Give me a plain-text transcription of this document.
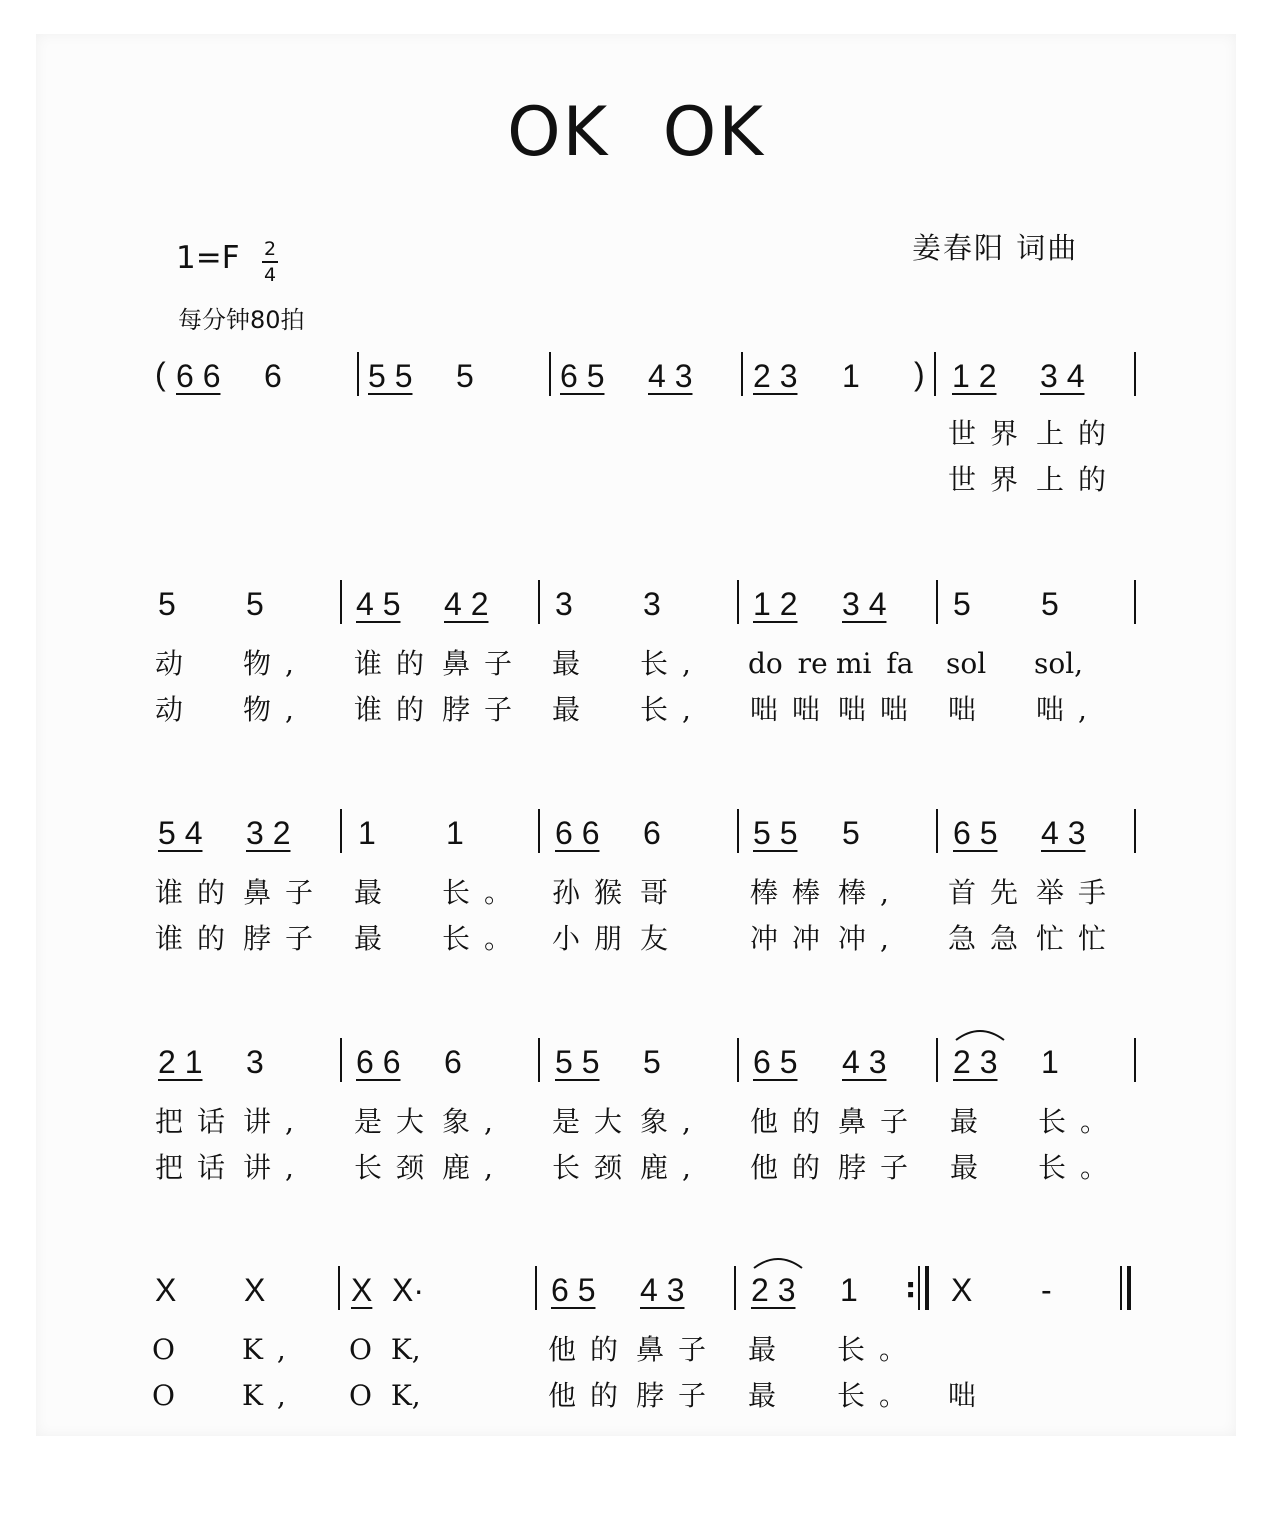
OK OK
姜春阳 词曲
1=F 2
4
每分钟80拍
( 6 6 6	5 5 5	6 5 4 3 2 3 1 ) 1 2 3 4
世界 上的
世界 上的
5 5	4 5 4 2 3 3	1 2 3 4 5 5
动 物, 谁的 鼻子 最 长, do re mi fa sol sol,
动 物, 谁的 脖子 最 长, 咄咄 咄咄 咄 咄,
5 4 3 2 1 1	6 6 6	5 5 5	6 5 4 3
谁的 鼻子 最 长。 孙猴 哥 棒棒 棒, 首先 举手
谁的 脖子 最 长。 小朋 友 冲冲 冲, 急急 忙忙
2 1 3	6 6 6	5 5 5	6 5 4 3 2 3 1
把话 讲, 是大 象, 是大 象, 他的 鼻子 最 长。
把话 讲, 长颈 鹿, 长颈 鹿, 他的 脖子 最 长。
X X	X X·	6 5 4 3 2 3 1 : X -
O K, O K,	他的 鼻子 最 长。
O K, O K,	他的 脖子 最 长。 咄
